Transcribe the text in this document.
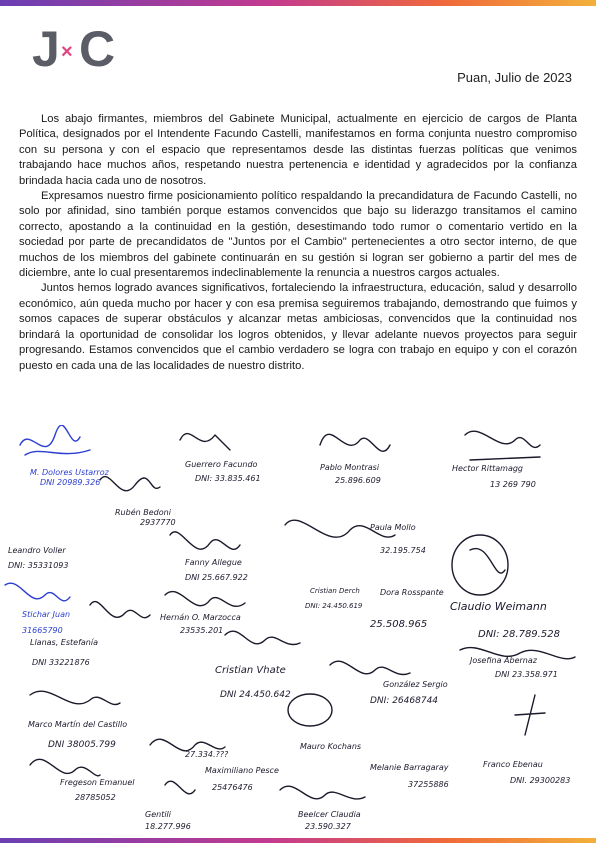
J × C
Puan, Julio de 2023

Los abajo firmantes, miembros del Gabinete Municipal, actualmente en ejercicio de cargos de Planta Política, designados por el Intendente Facundo Castelli, manifestamos en forma conjunta nuestro compromiso con su persona y con el espacio que representamos desde las distintas fuerzas políticas que venimos trabajando hace muchos años, respetando nuestra pertenencia e identidad y agradecidos por la confianza brindada hacia cada uno de nosotros.

Expresamos nuestro firme posicionamiento político respaldando la precandidatura de Facundo Castelli, no solo por afinidad, sino también porque estamos convencidos que bajo su liderazgo transitamos el camino correcto, apostando a la continuidad en la gestión, desestimando todo rumor o comentario vertido en la sociedad por parte de precandidatos de "Juntos por el Cambio" pertenecientes a otro sector interno, de que muchos de los miembros del gabinete continuarán en su gestión si logran ser gobierno a partir del mes de diciembre, ante lo cual presentaremos indeclinablemente la renuncia a nuestros cargos actuales.

Juntos hemos logrado avances significativos, fortaleciendo la infraestructura, educación, salud y desarrollo económico, aún queda mucho por hacer y con esa premisa seguiremos trabajando, demostrando que fuimos y somos capaces de superar obstáculos y alcanzar metas ambiciosas, convencidos que la continuidad nos brindará la oportunidad de consolidar los logros obtenidos, y llevar adelante nuevos proyectos para seguir progresando. Estamos convencidos que el cambio verdadero se logra con trabajo en equipo y con el corazón puesto en cada una de las localidades de nuestro distrito.

M. Dolores Ustarroz
DNI 20989.326
Guerrero Facundo
DNI: 33.835.461
Pablo Montrasi
25.896.609
Hector Rittamagg
13 269 790
Rubén Bedoni
2937770
Leandro Voller
DNI: 35331093	Fanny Allegue
DNI 25.667.922
Cristian Derch
DNI: 24.450.619
Paula Mollo
32.195.754
Stichar Juan
31665790
Hernán O. Marzocca
23535.201
Dora Rosspante
25.508.965
Claudio Weimann
DNI: 28.789.528
Llanas, Estefanía
DNI 33221876
Cristian Vhate
DNI 24.450.642
González Sergio
DNI: 26468744
Josefina Abernaz
DNI 23.358.971
Marco Martín del Castillo
DNI 38005.799
27.334.???
Mauro Kochans
Franco Ebenau
DNI. 29300283
Fregeson Emanuel
28785052
Maximiliano Pesce
25476476
Melanie Barragaray
37255886
Gentili
18.277.996
Beelcer Claudia
23.590.327
